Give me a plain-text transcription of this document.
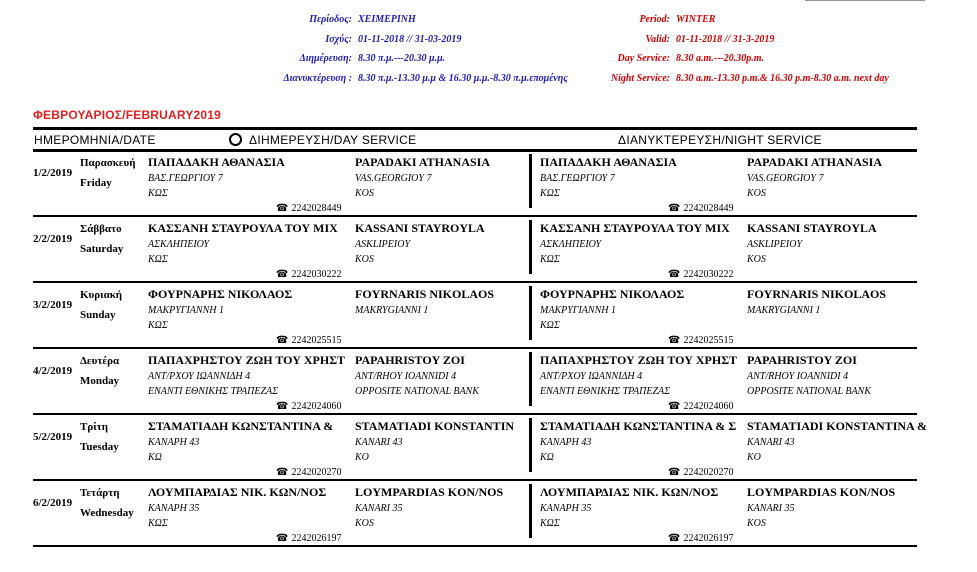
Περίοδος: ΧΕΙΜΕΡΙΝΗ
Ισχύς: 01-11-2018 // 31-03-2019
Διημέρευση: 8.30 π.μ.---20.30 μ.μ.
Διανυκτέρευση : 8.30 π.μ.-13.30 μ.μ & 16.30 μ.μ.-8.30 π.μ.επομένης
Period: WINTER
Valid: 01-11-2018 // 31-3-2019
Day Service: 8.30 a.m.---20.30p.m.
Night Service: 8.30 a.m.-13.30 p.m.& 16.30 p.m-8.30 a.m. next day
ΦΕΒΡΟΥΑΡΙΟΣ/FEBRUARY2019
ΗΜΕΡΟΜΗΝΙΑ/DATE	ΔΙΗΜΕΡΕΥΣΗ/DAY SERVICE	ΔΙΑΝΥΚΤΕΡΕΥΣΗ/NIGHT SERVICE
1/2/2019
Παρασκευή
Friday
ΠΑΠΑΔΑΚΗ ΑΘΑΝΑΣΙΑ
ΒΑΣ.ΓΕΩΡΓΙΟΥ 7
ΚΩΣ
☎ 2242028449
PAPADAKI ATHANASIA
VAS.GEORGIOY 7
KOS
ΠΑΠΑΔΑΚΗ ΑΘΑΝΑΣΙΑ
ΒΑΣ.ΓΕΩΡΓΙΟΥ 7
ΚΩΣ
☎ 2242028449
PAPADAKI ATHANASIA
VAS.GEORGIOY 7
KOS
2/2/2019
Σάββατο
Saturday
ΚΑΣΣΑΝΗ ΣΤΑΥΡΟΥΛΑ ΤΟΥ ΜΙΧ
ΑΣΚΛΗΠΕΙΟΥ
ΚΩΣ
☎ 2242030222
KASSANI STAYROYLA
ASKLIPEIOY
KOS
ΚΑΣΣΑΝΗ ΣΤΑΥΡΟΥΛΑ ΤΟΥ ΜΙΧ
ΑΣΚΛΗΠΕΙΟΥ
ΚΩΣ
☎ 2242030222
KASSANI STAYROYLA
ASKLIPEIOY
KOS
3/2/2019
Κυριακή
Sunday
ΦΟΥΡΝΑΡΗΣ ΝΙΚΟΛΑΟΣ
ΜΑΚΡΥΓΙΑΝΝΗ 1
ΚΩΣ
☎ 2242025515
FOYRNARIS NIKOLAOS
MAKRYGIANNI 1
ΦΟΥΡΝΑΡΗΣ ΝΙΚΟΛΑΟΣ
ΜΑΚΡΥΓΙΑΝΝΗ 1
ΚΩΣ
☎ 2242025515
FOYRNARIS NIKOLAOS
MAKRYGIANNI 1
4/2/2019
Δευτέρα
Monday
ΠΑΠΑΧΡΗΣΤΟΥ ΖΩΗ ΤΟΥ ΧΡΗΣΤ
ΑΝΤ/ΡΧΟΥ ΙΩΑΝΝΙΔΗ 4
ΕΝΑΝΤΙ ΕΘΝΙΚΗΣ ΤΡΑΠΕΖΑΣ
☎ 2242024060
PAPAHRISTOY ZOI
ANT/RHOY IOANNIDI 4
OPPOSITE NATIONAL BANK
ΠΑΠΑΧΡΗΣΤΟΥ ΖΩΗ ΤΟΥ ΧΡΗΣΤ
ΑΝΤ/ΡΧΟΥ ΙΩΑΝΝΙΔΗ 4
ΕΝΑΝΤΙ ΕΘΝΙΚΗΣ ΤΡΑΠΕΖΑΣ
☎ 2242024060
PAPAHRISTOY ZOI
ANT/RHOY IOANNIDI 4
OPPOSITE NATIONAL BANK
5/2/2019
Τρίτη
Tuesday
ΣΤΑΜΑΤΙΑΔΗ ΚΩΝΣΤΑΝΤΙΝΑ &
ΚΑΝΑΡΗ 43
ΚΩ
☎ 2242020270
STAMATIADI KONSTANTIN
KANARI 43
KO
ΣΤΑΜΑΤΙΑΔΗ ΚΩΝΣΤΑΝΤΙΝΑ & Σ
ΚΑΝΑΡΗ 43
ΚΩ
☎ 2242020270
STAMATIADI KONSTANTINA &
KANARI 43
KO
6/2/2019
Τετάρτη
Wednesday
ΛΟΥΜΠΑΡΔΙΑΣ ΝΙΚ. ΚΩΝ/ΝΟΣ
ΚΑΝΑΡΗ 35
ΚΩΣ
☎ 2242026197
LOYMPARDIAS KON/NOS
KANARI 35
KOS
ΛΟΥΜΠΑΡΔΙΑΣ ΝΙΚ. ΚΩΝ/ΝΟΣ
ΚΑΝΑΡΗ 35
ΚΩΣ
☎ 2242026197
LOYMPARDIAS KON/NOS
KANARI 35
KOS
